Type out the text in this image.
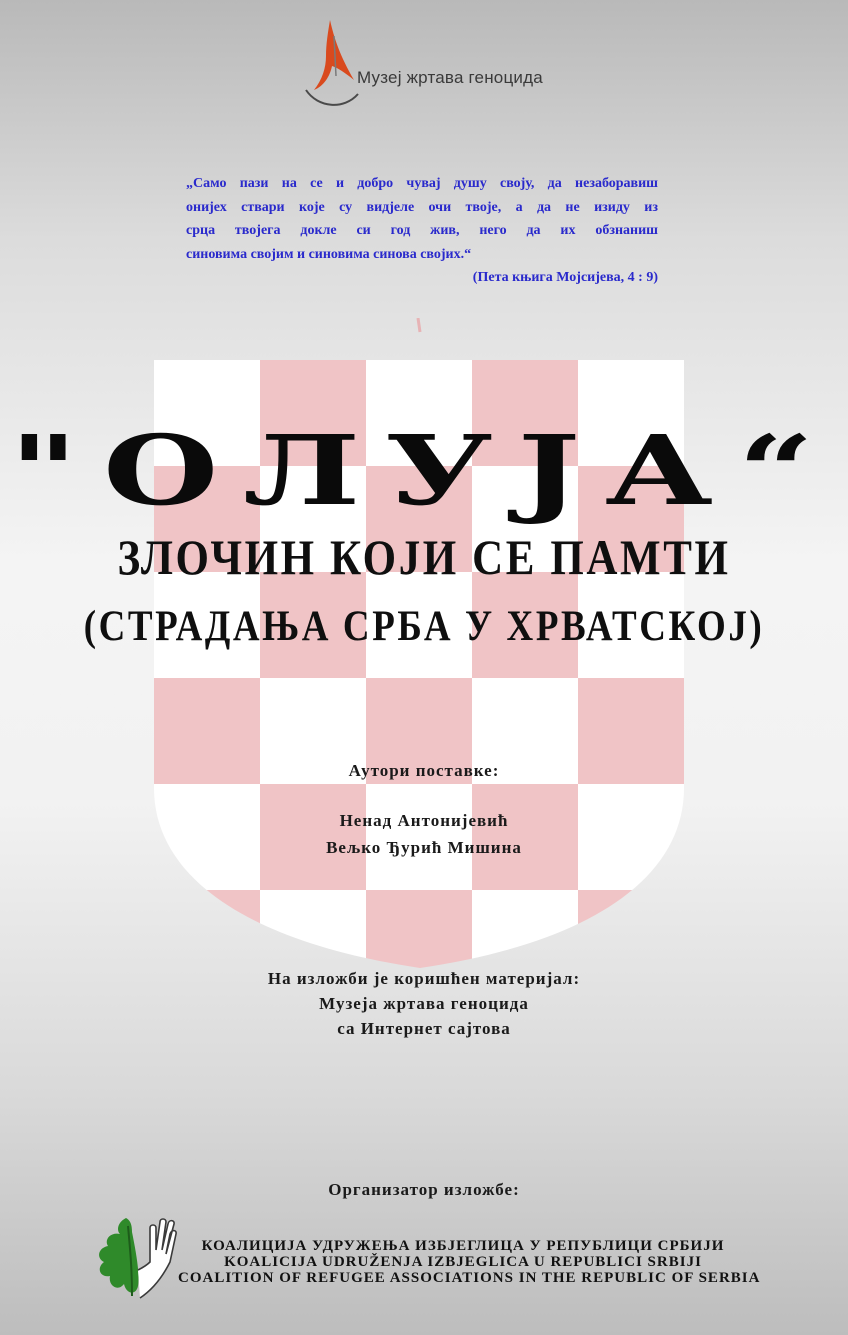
Музеј жртава геноцида
„Само пази на се и добро чувај душу своју, да незаборавиш
онијех ствари које су видјеле очи твоје, а да не изиду из
срца твојега докле си год жив, него да их обзнаниш
синовима својим и синовима синова својих.“
(Пета књига Мојсијева, 4 : 9)
"ОЛУЈА“
ЗЛОЧИН КОЈИ СЕ ПАМТИ
(СТРАДАЊА СРБА У ХРВАТСКОЈ)
Аутори поставке:
Ненад Антонијевић
Вељко Ђурић Мишина
На изложби је коришћен материјал:
Музеја жртава геноцида
са Интернет сајтова
Организатор изложбе:
КОАЛИЦИЈА УДРУЖЕЊА ИЗБЈЕГЛИЦА У РЕПУБЛИЦИ СРБИЈИ
KOALICIJA UDRUŽENJA IZBJEGLICA U REPUBLICI SRBIJI
COALITION OF REFUGEE ASSOCIATIONS IN THE REPUBLIC OF SERBIA
